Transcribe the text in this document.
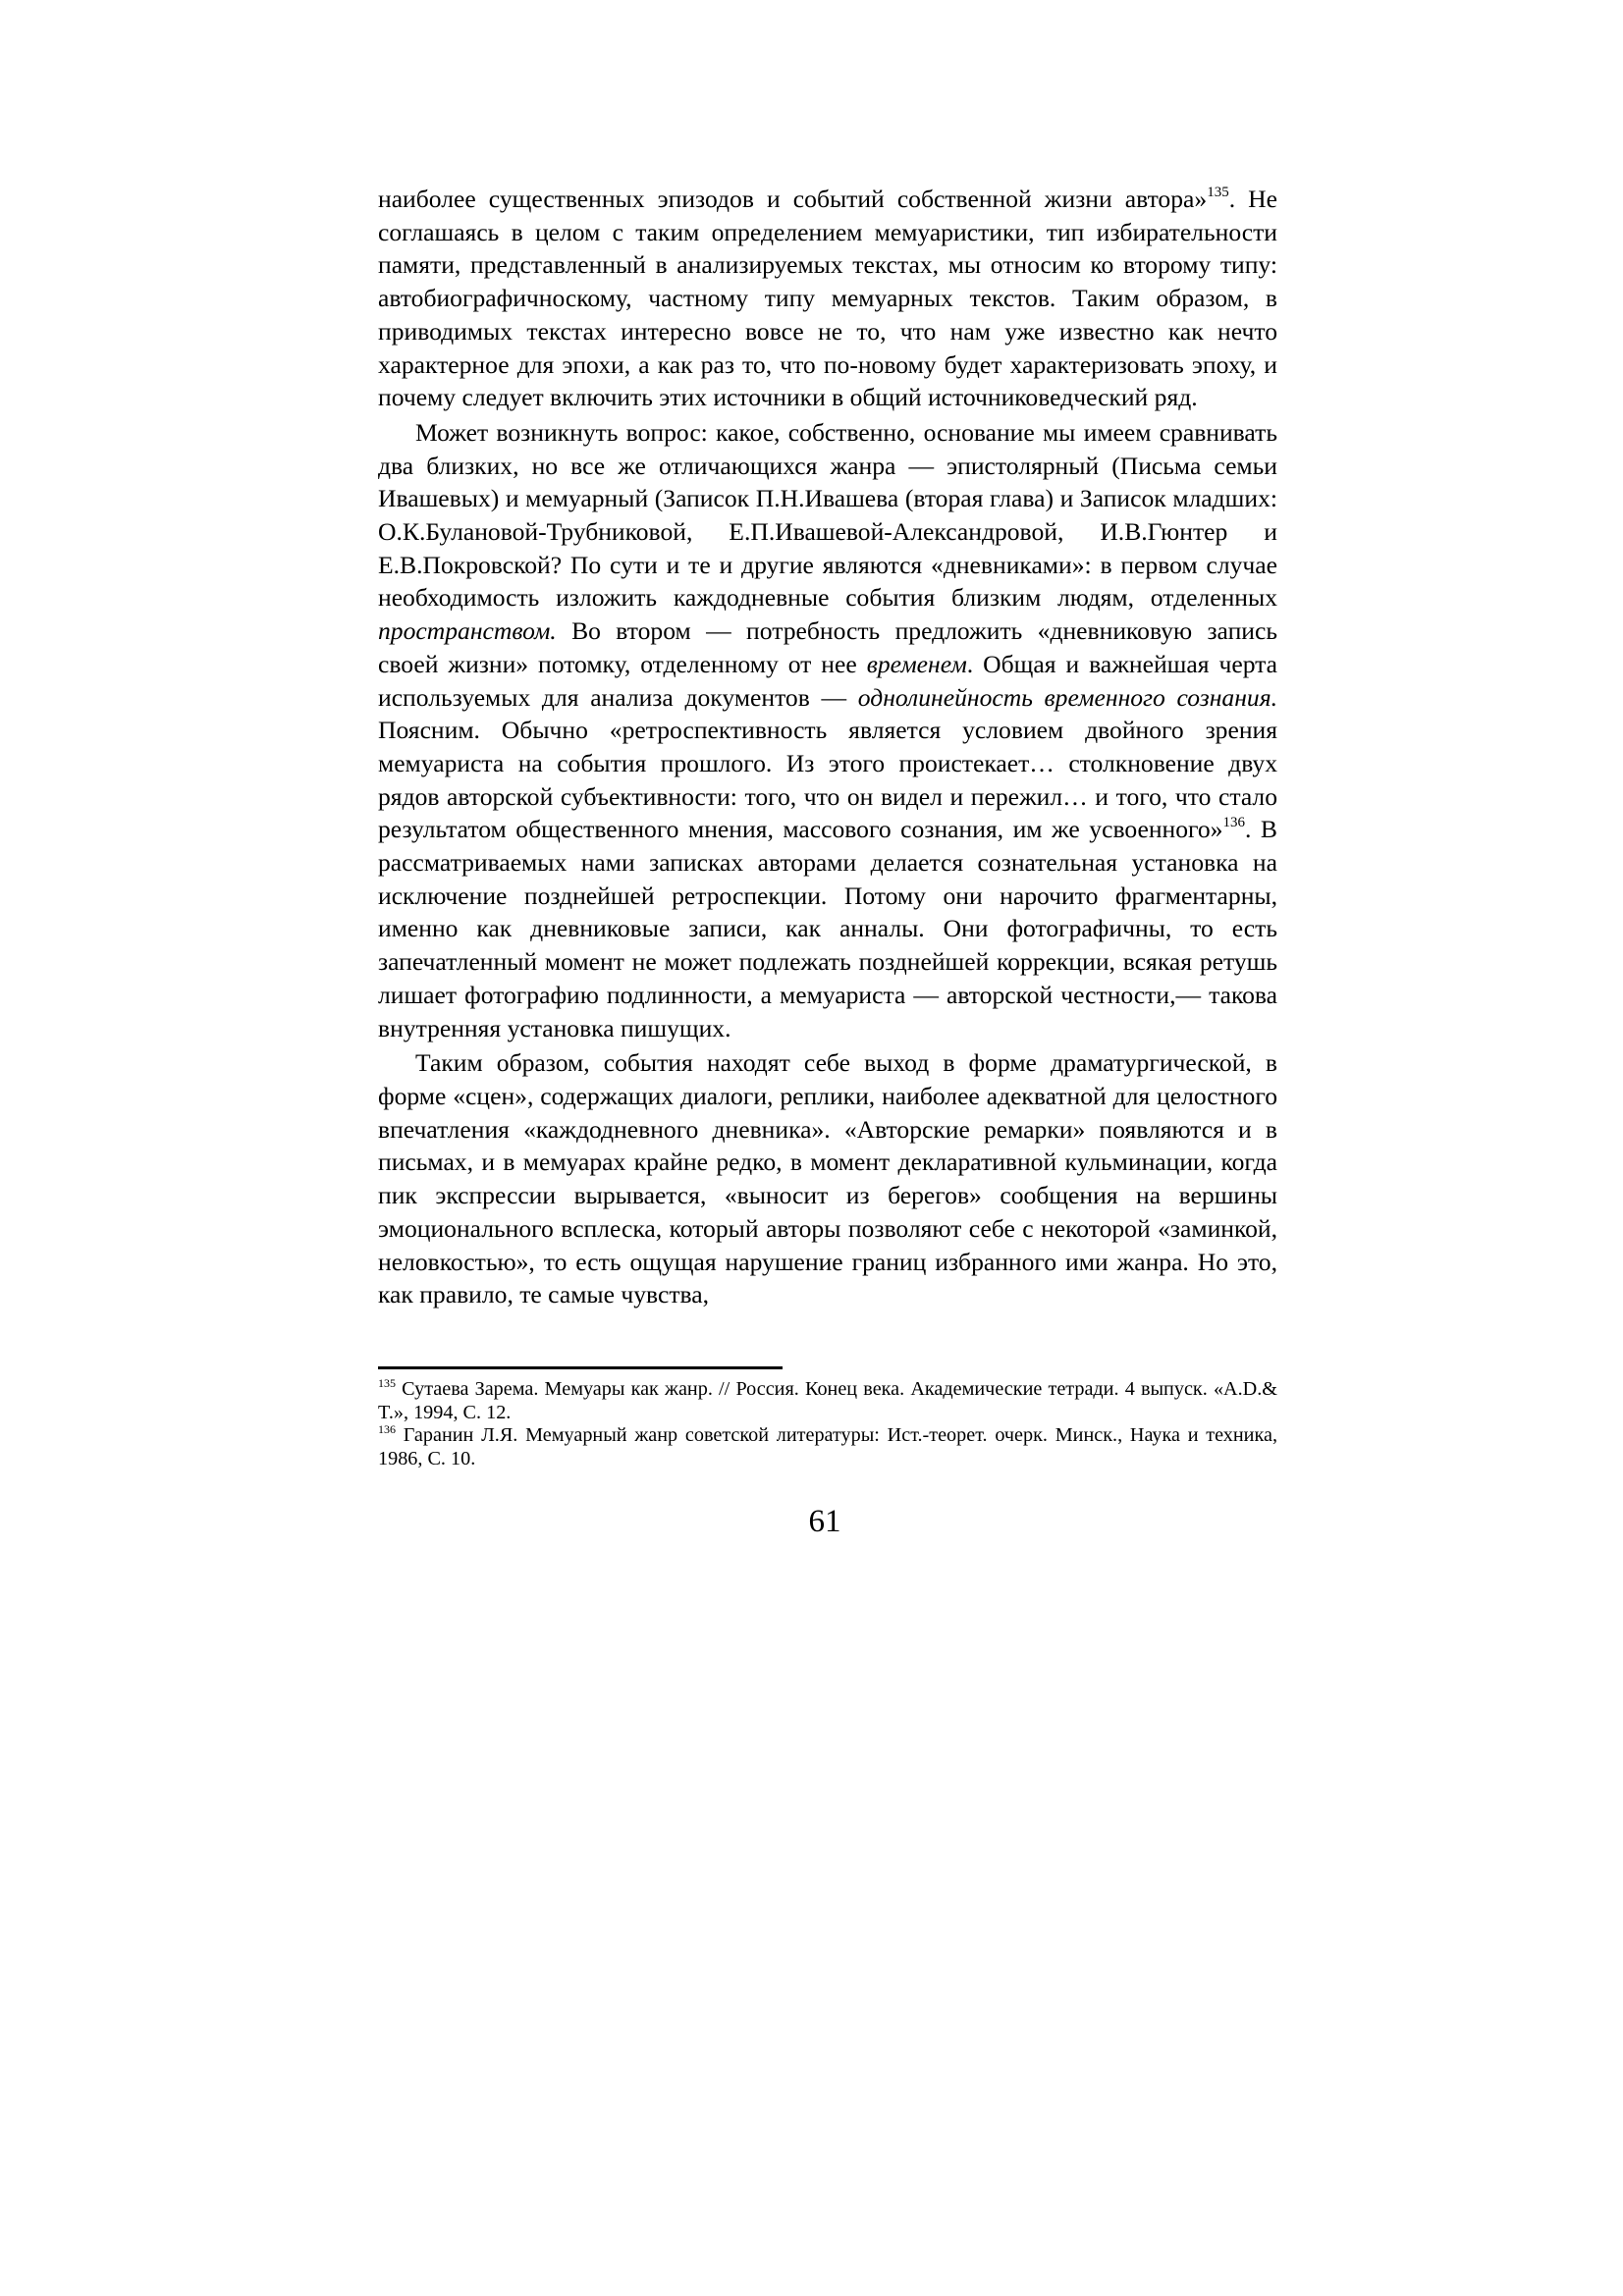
наиболее существенных эпизодов и событий собственной жизни автора»$^{135}$. Не соглашаясь в целом с таким определением мемуаристики, тип избирательности памяти, представленный в анализируемых текстах, мы относим ко второму типу: автобиографичноскому, частному типу мемуарных текстов. Таким образом, в приводимых текстах интересно вовсе не то, что нам уже известно как нечто характерное для эпохи, а как раз то, что по-новому будет характеризовать эпоху, и почему следует включить этих источники в общий источниковедческий ряд.

Может возникнуть вопрос: какое, собственно, основание мы имеем сравнивать два близких, но все же отличающихся жанра — эпистолярный (Письма семьи Ивашевых) и мемуарный (Записок П.Н.Ивашева (вторая глава) и Записок младших: О.К.Булановой-Трубниковой, Е.П.Ивашевой-Александровой, И.В.Гюнтер и Е.В.Покровской? По сути и те и другие являются «дневниками»: в первом случае необходимость изложить каждодневные события близким людям, отделенных пространством. Во втором — потребность предложить «дневниковую запись своей жизни» потомку, отделенному от нее временем. Общая и важнейшая черта используемых для анализа документов — однолинейность временного сознания. Поясним. Обычно «ретроспективность является условием двойного зрения мемуариста на события прошлого. Из этого проистекает… столкновение двух рядов авторской субъективности: того, что он видел и пережил… и того, что стало результатом общественного мнения, массового сознания, им же усвоенного»$^{136}$. В рассматриваемых нами записках авторами делается сознательная установка на исключение позднейшей ретроспекции. Потому они нарочито фрагментарны, именно как дневниковые записи, как анналы. Они фотографичны, то есть запечатленный момент не может подлежать позднейшей коррекции, всякая ретушь лишает фотографию подлинности, а мемуариста — авторской честности,— такова внутренняя установка пишущих.

Таким образом, события находят себе выход в форме драматургической, в форме «сцен», содержащих диалоги, реплики, наиболее адекватной для целостного впечатления «каждодневного дневника». «Авторские ремарки» появляются и в письмах, и в мемуарах крайне редко, в момент декларативной кульминации, когда пик экспрессии вырывается, «выносит из берегов» сообщения на вершины эмоционального всплеска, который авторы позволяют себе с некоторой «заминкой, неловкостью», то есть ощущая нарушение границ избранного ими жанра. Но это, как правило, те самые чувства,

$^{135}$ Сутаева Зарема. Мемуары как жанр. // Россия. Конец века. Академические тетради. 4 выпуск. «A.D.& T.», 1994, С. 12.

$^{136}$ Гаранин Л.Я. Мемуарный жанр советской литературы: Ист.-теорет. очерк. Минск., Наука и техника, 1986, С. 10.

61
